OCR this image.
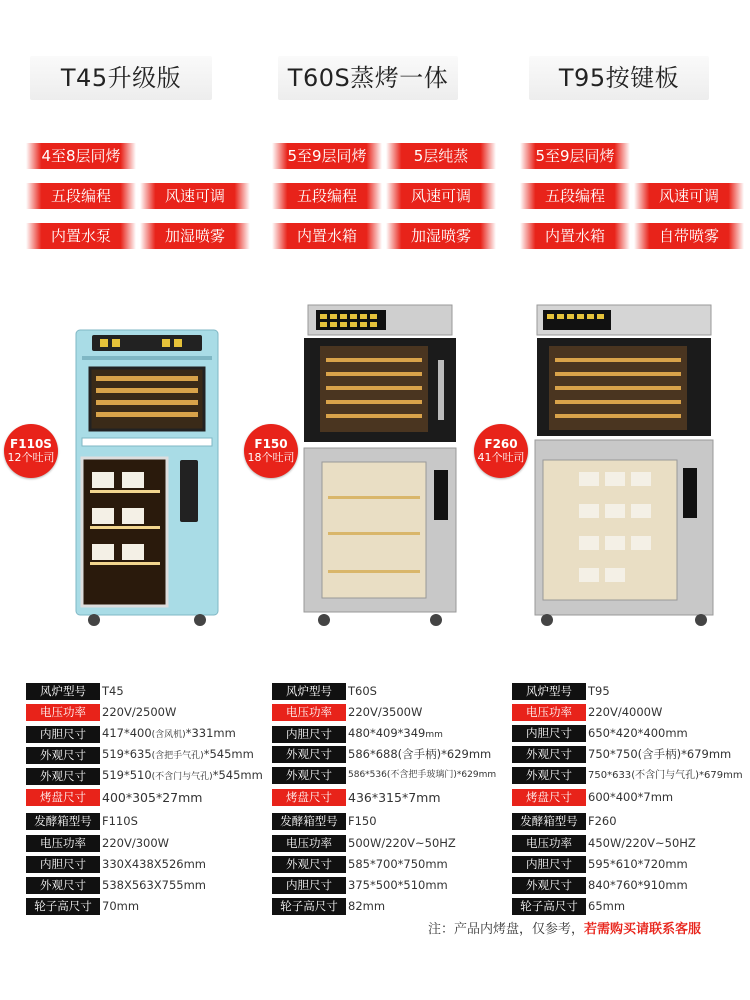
T45升级版	T60S蒸烤一体	T95按键板
4至8层同烤
五段编程	风速可调
内置水泵	加湿喷雾
5至9层同烤	5层纯蒸
五段编程	风速可调
内置水箱	加湿喷雾
5至9层同烤
五段编程	风速可调
内置水箱	自带喷雾
F110S
12个吐司
F150
18个吐司
F260
41个吐司
风炉型号 T45
电压功率 220V/2500W
内胆尺寸 417*400(含风机)*331mm
外观尺寸 519*635(含把手气孔)*545mm
外观尺寸 519*510(不含门与气孔)*545mm
烤盘尺寸 400*305*27mm
发酵箱型号 F110S
电压功率 220V/300W
内胆尺寸 330X438X526mm
外观尺寸 538X563X755mm
轮子高尺寸 70mm
风炉型号 T60S
电压功率 220V/3500W
内胆尺寸 480*409*349mm
外观尺寸 586*688(含手柄)*629mm
外观尺寸 586*536(不含把手玻璃门)*629mm
烤盘尺寸 436*315*7mm
发酵箱型号 F150
电压功率 500W/220V~50HZ
外观尺寸 585*700*750mm
内胆尺寸 375*500*510mm
轮子高尺寸 82mm
风炉型号 T95
电压功率 220V/4000W
内胆尺寸 650*420*400mm
外观尺寸 750*750(含手柄)*679mm
外观尺寸 750*633(不含门与气孔)*679mm
烤盘尺寸 600*400*7mm
发酵箱型号 F260
电压功率 450W/220V~50HZ
内胆尺寸 595*610*720mm
外观尺寸 840*760*910mm
轮子高尺寸 65mm
注：产品内烤盘，仅参考，若需购买请联系客服
